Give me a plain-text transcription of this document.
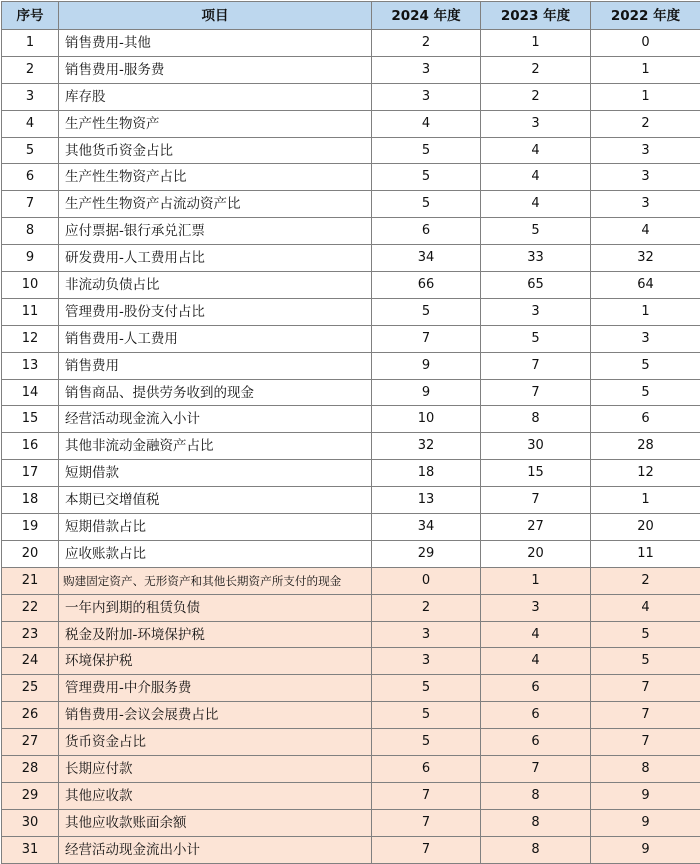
序号	项目	2024 年度	2023 年度	2022 年度
1	销售费用-其他	2	1	0
2	销售费用-服务费	3	2	1
3	库存股	3	2	1
4	生产性生物资产	4	3	2
5	其他货币资金占比	5	4	3
6	生产性生物资产占比	5	4	3
7	生产性生物资产占流动资产比	5	4	3
8	应付票据-银行承兑汇票	6	5	4
9	研发费用-人工费用占比	34	33	32
10	非流动负债占比	66	65	64
11	管理费用-股份支付占比	5	3	1
12	销售费用-人工费用	7	5	3
13	销售费用	9	7	5
14	销售商品、提供劳务收到的现金	9	7	5
15	经营活动现金流入小计	10	8	6
16	其他非流动金融资产占比	32	30	28
17	短期借款	18	15	12
18	本期已交增值税	13	7	1
19	短期借款占比	34	27	20
20	应收账款占比	29	20	11
21	购建固定资产、无形资产和其他长期资产所支付的现金	0	1	2
22	一年内到期的租赁负债	2	3	4
23	税金及附加-环境保护税	3	4	5
24	环境保护税	3	4	5
25	管理费用-中介服务费	5	6	7
26	销售费用-会议会展费占比	5	6	7
27	货币资金占比	5	6	7
28	长期应付款	6	7	8
29	其他应收款	7	8	9
30	其他应收款账面余额	7	8	9
31	经营活动现金流出小计	7	8	9
